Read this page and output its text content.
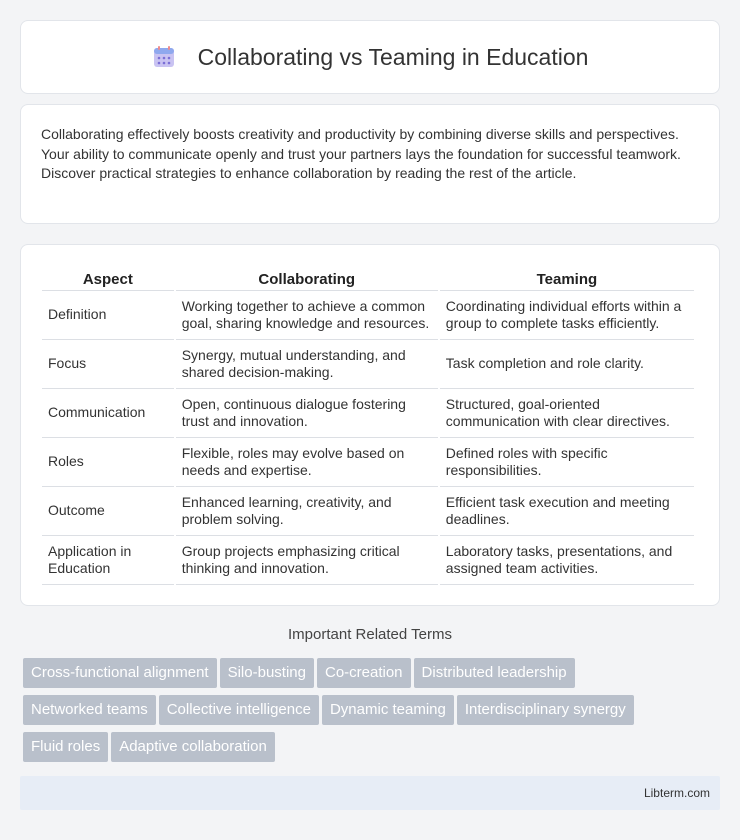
Collaborating vs Teaming in Education

Collaborating effectively boosts creativity and productivity by combining diverse skills and perspectives. Your ability to communicate openly and trust your partners lays the foundation for successful teamwork. Discover practical strategies to enhance collaboration by reading the rest of the article.

Aspect	Collaborating	Teaming
Definition	Working together to achieve a common goal, sharing knowledge and resources.	Coordinating individual efforts within a group to complete tasks efficiently.
Focus	Synergy, mutual understanding, and shared decision-making.	Task completion and role clarity.
Communication	Open, continuous dialogue fostering trust and innovation.	Structured, goal-oriented communication with clear directives.
Roles	Flexible, roles may evolve based on needs and expertise.	Defined roles with specific responsibilities.
Outcome	Enhanced learning, creativity, and problem solving.	Efficient task execution and meeting deadlines.
Application in Education	Group projects emphasizing critical thinking and innovation.	Laboratory tasks, presentations, and assigned team activities.
Important Related Terms
Cross-functional alignment Silo-busting Co-creation Distributed leadership
Networked teams Collective intelligence Dynamic teaming Interdisciplinary synergy
Fluid roles Adaptive collaboration
Libterm.com
